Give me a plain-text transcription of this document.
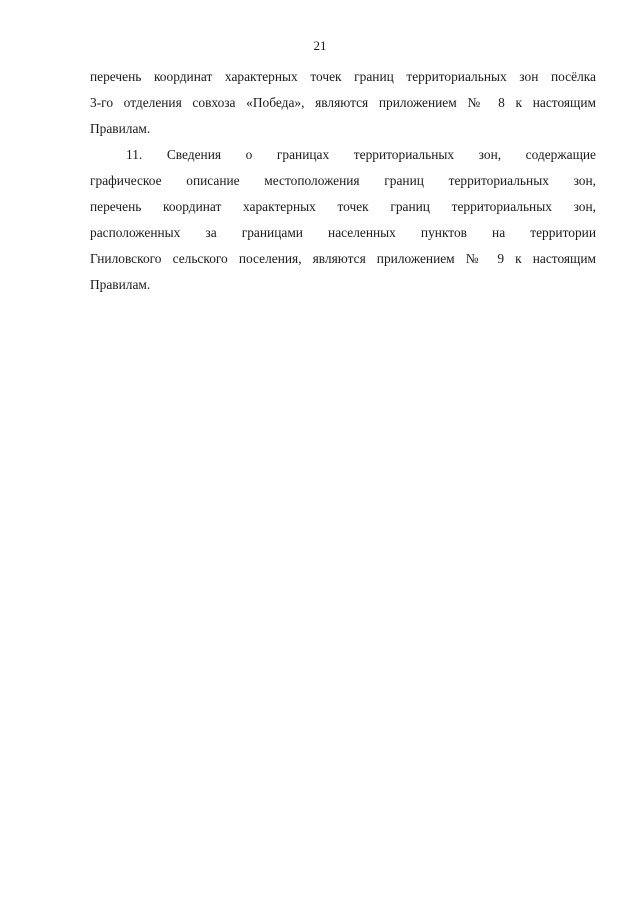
21

перечень координат характерных точек границ территориальных зон посёлка
3-го отделения совхоза «Победа», являются приложением № 8 к настоящим
Правилам.

11. Сведения о границах территориальных зон, содержащие
графическое описание местоположения границ территориальных зон,
перечень координат характерных точек границ территориальных зон,
расположенных за границами населенных пунктов на территории
Гниловского сельского поселения, являются приложением № 9 к настоящим
Правилам.
